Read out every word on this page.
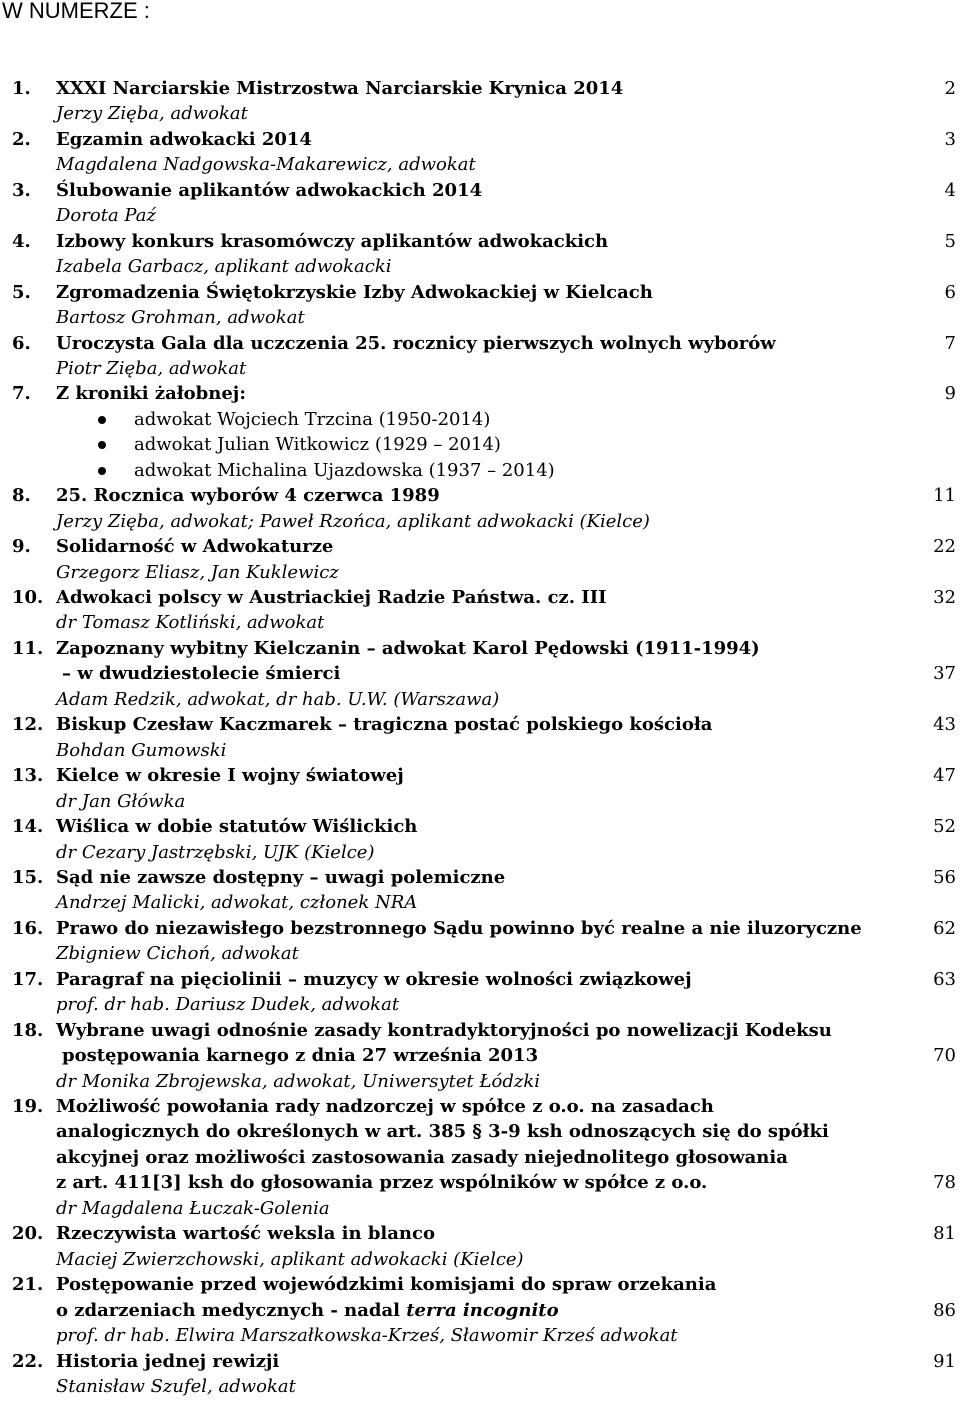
W NUMERZE :
1. XXXI Narciarskie Mistrzostwa Narciarskie Krynica 2014	2
Jerzy Zięba, adwokat
2. Egzamin adwokacki 2014	3
Magdalena Nadgowska-Makarewicz, adwokat
3. Ślubowanie aplikantów adwokackich 2014	4
Dorota Paź
4. Izbowy konkurs krasomówczy aplikantów adwokackich	5
Izabela Garbacz, aplikant adwokacki
5. Zgromadzenia Świętokrzyskie Izby Adwokackiej w Kielcach	6
Bartosz Grohman, adwokat
6. Uroczysta Gala dla uczczenia 25. rocznicy pierwszych wolnych wyborów	7
Piotr Zięba, adwokat
7. Z kroniki żałobnej:	9
adwokat Wojciech Trzcina (1950-2014)
adwokat Julian Witkowicz (1929 – 2014)
adwokat Michalina Ujazdowska (1937 – 2014)
8. 25. Rocznica wyborów 4 czerwca 1989	11
Jerzy Zięba, adwokat; Paweł Rzońca, aplikant adwokacki (Kielce)
9. Solidarność w Adwokaturze	22
Grzegorz Eliasz, Jan Kuklewicz
10. Adwokaci polscy w Austriackiej Radzie Państwa. cz. III	32
dr Tomasz Kotliński, adwokat
11. Zapoznany wybitny Kielczanin – adwokat Karol Pędowski (1911-1994)
– w dwudziestolecie śmierci	37
Adam Redzik, adwokat, dr hab. U.W. (Warszawa)
12. Biskup Czesław Kaczmarek – tragiczna postać polskiego kościoła	43
Bohdan Gumowski
13. Kielce w okresie I wojny światowej	47
dr Jan Główka
14. Wiślica w dobie statutów Wiślickich	52
dr Cezary Jastrzębski, UJK (Kielce)
15. Sąd nie zawsze dostępny – uwagi polemiczne	56
Andrzej Malicki, adwokat, członek NRA
16. Prawo do niezawisłego bezstronnego Sądu powinno być realne a nie iluzoryczne	62
Zbigniew Cichoń, adwokat
17. Paragraf na pięciolinii – muzycy w okresie wolności związkowej	63
prof. dr hab. Dariusz Dudek, adwokat
18. Wybrane uwagi odnośnie zasady kontradyktoryjności po nowelizacji Kodeksu
postępowania karnego z dnia 27 września 2013	70
dr Monika Zbrojewska, adwokat, Uniwersytet Łódzki
19. Możliwość powołania rady nadzorczej w spółce z o.o. na zasadach
analogicznych do określonych w art. 385 § 3-9 ksh odnoszących się do spółki
akcyjnej oraz możliwości zastosowania zasady niejednolitego głosowania
z art. 411[3] ksh do głosowania przez wspólników w spółce z o.o.	78
dr Magdalena Łuczak-Golenia
20. Rzeczywista wartość weksla in blanco	81
Maciej Zwierzchowski, aplikant adwokacki (Kielce)
21. Postępowanie przed wojewódzkimi komisjami do spraw orzekania
o zdarzeniach medycznych - nadal terra incognito	86
prof. dr hab. Elwira Marszałkowska-Krześ, Sławomir Krześ adwokat
22. Historia jednej rewizji	91
Stanisław Szufel, adwokat
